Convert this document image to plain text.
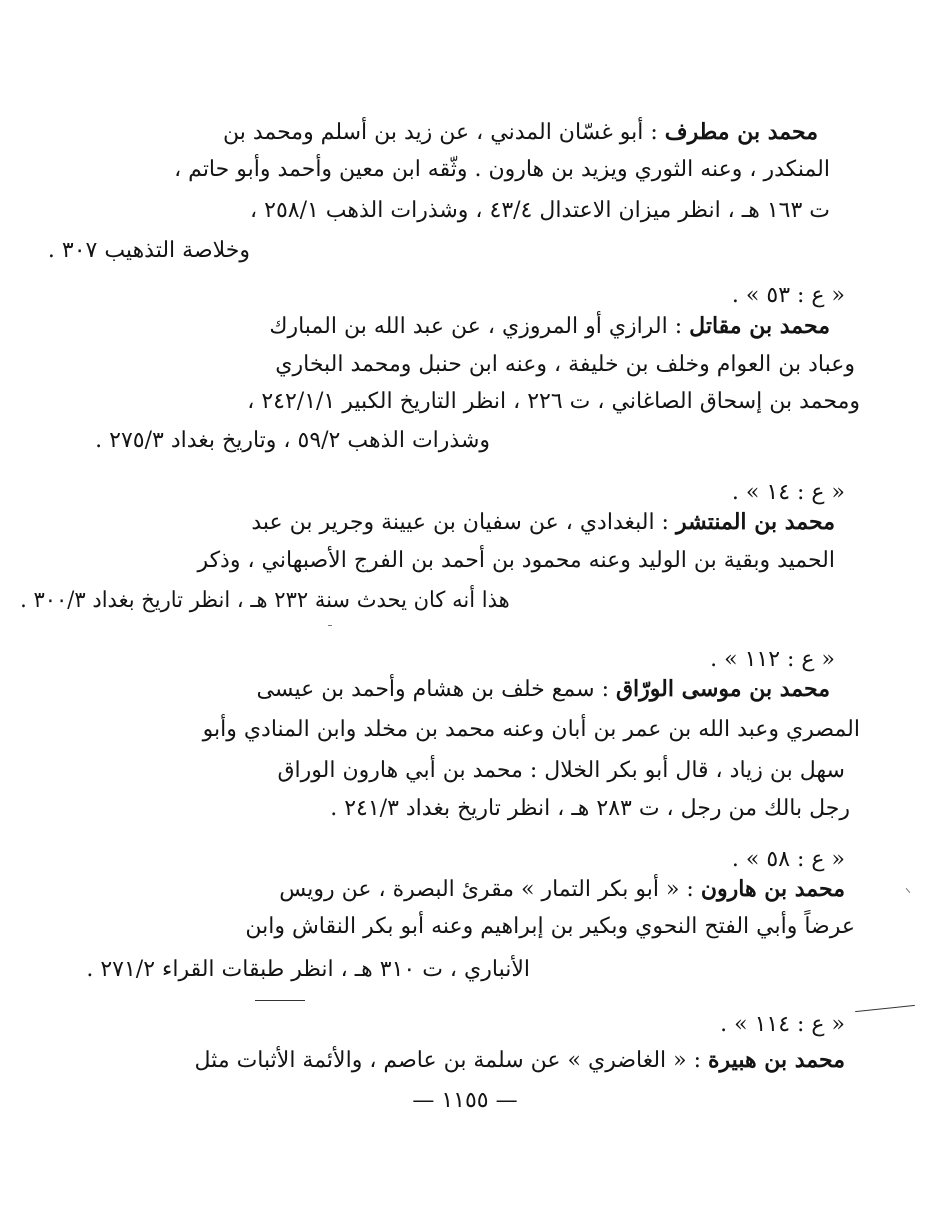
محمد بن مطرف : أبو غسّان المدني ، عن زيد بن أسلم ومحمد بن
المنكدر ، وعنه الثوري ويزيد بن هارون . وثّقه ابن معين وأحمد وأبو حاتم ،
ت ١٦٣ هـ ، انظر ميزان الاعتدال ٤٣/٤ ، وشذرات الذهب ٢٥٨/١ ،
وخلاصة التذهيب ٣٠٧ .
« ع : ٥٣ » .
محمد بن مقاتل : الرازي أو المروزي ، عن عبد الله بن المبارك
وعباد بن العوام وخلف بن خليفة ، وعنه ابن حنبل ومحمد البخاري
ومحمد بن إسحاق الصاغاني ، ت ٢٢٦ ، انظر التاريخ الكبير ٢٤٢/١/١ ،
وشذرات الذهب ٥٩/٢ ، وتاريخ بغداد ٢٧٥/٣ .
« ع : ١٤ » .
محمد بن المنتشر : البغدادي ، عن سفيان بن عيينة وجرير بن عبد
الحميد وبقية بن الوليد وعنه محمود بن أحمد بن الفرج الأصبهاني ، وذكر
هذا أنه كان يحدث سنة ٢٣٢ هـ ، انظر تاريخ بغداد ٣٠٠/٣ .
« ع : ١١٢ » .
محمد بن موسى الورّاق : سمع خلف بن هشام وأحمد بن عيسى
المصري وعبد الله بن عمر بن أبان وعنه محمد بن مخلد وابن المنادي وأبو
سهل بن زياد ، قال أبو بكر الخلال : محمد بن أبي هارون الوراق
رجل بالك من رجل ، ت ٢٨٣ هـ ، انظر تاريخ بغداد ٢٤١/٣ .
« ع : ٥٨ » .
محمد بن هارون : « أبو بكر التمار » مقرئ البصرة ، عن رويس
عرضاً وأبي الفتح النحوي وبكير بن إبراهيم وعنه أبو بكر النقاش وابن
الأنباري ، ت ٣١٠ هـ ، انظر طبقات القراء ٢٧١/٢ .
« ع : ١١٤ » .
محمد بن هبيرة : « الغاضري » عن سلمة بن عاصم ، والأئمة الأثبات مثل
— ١١٥٥ —
